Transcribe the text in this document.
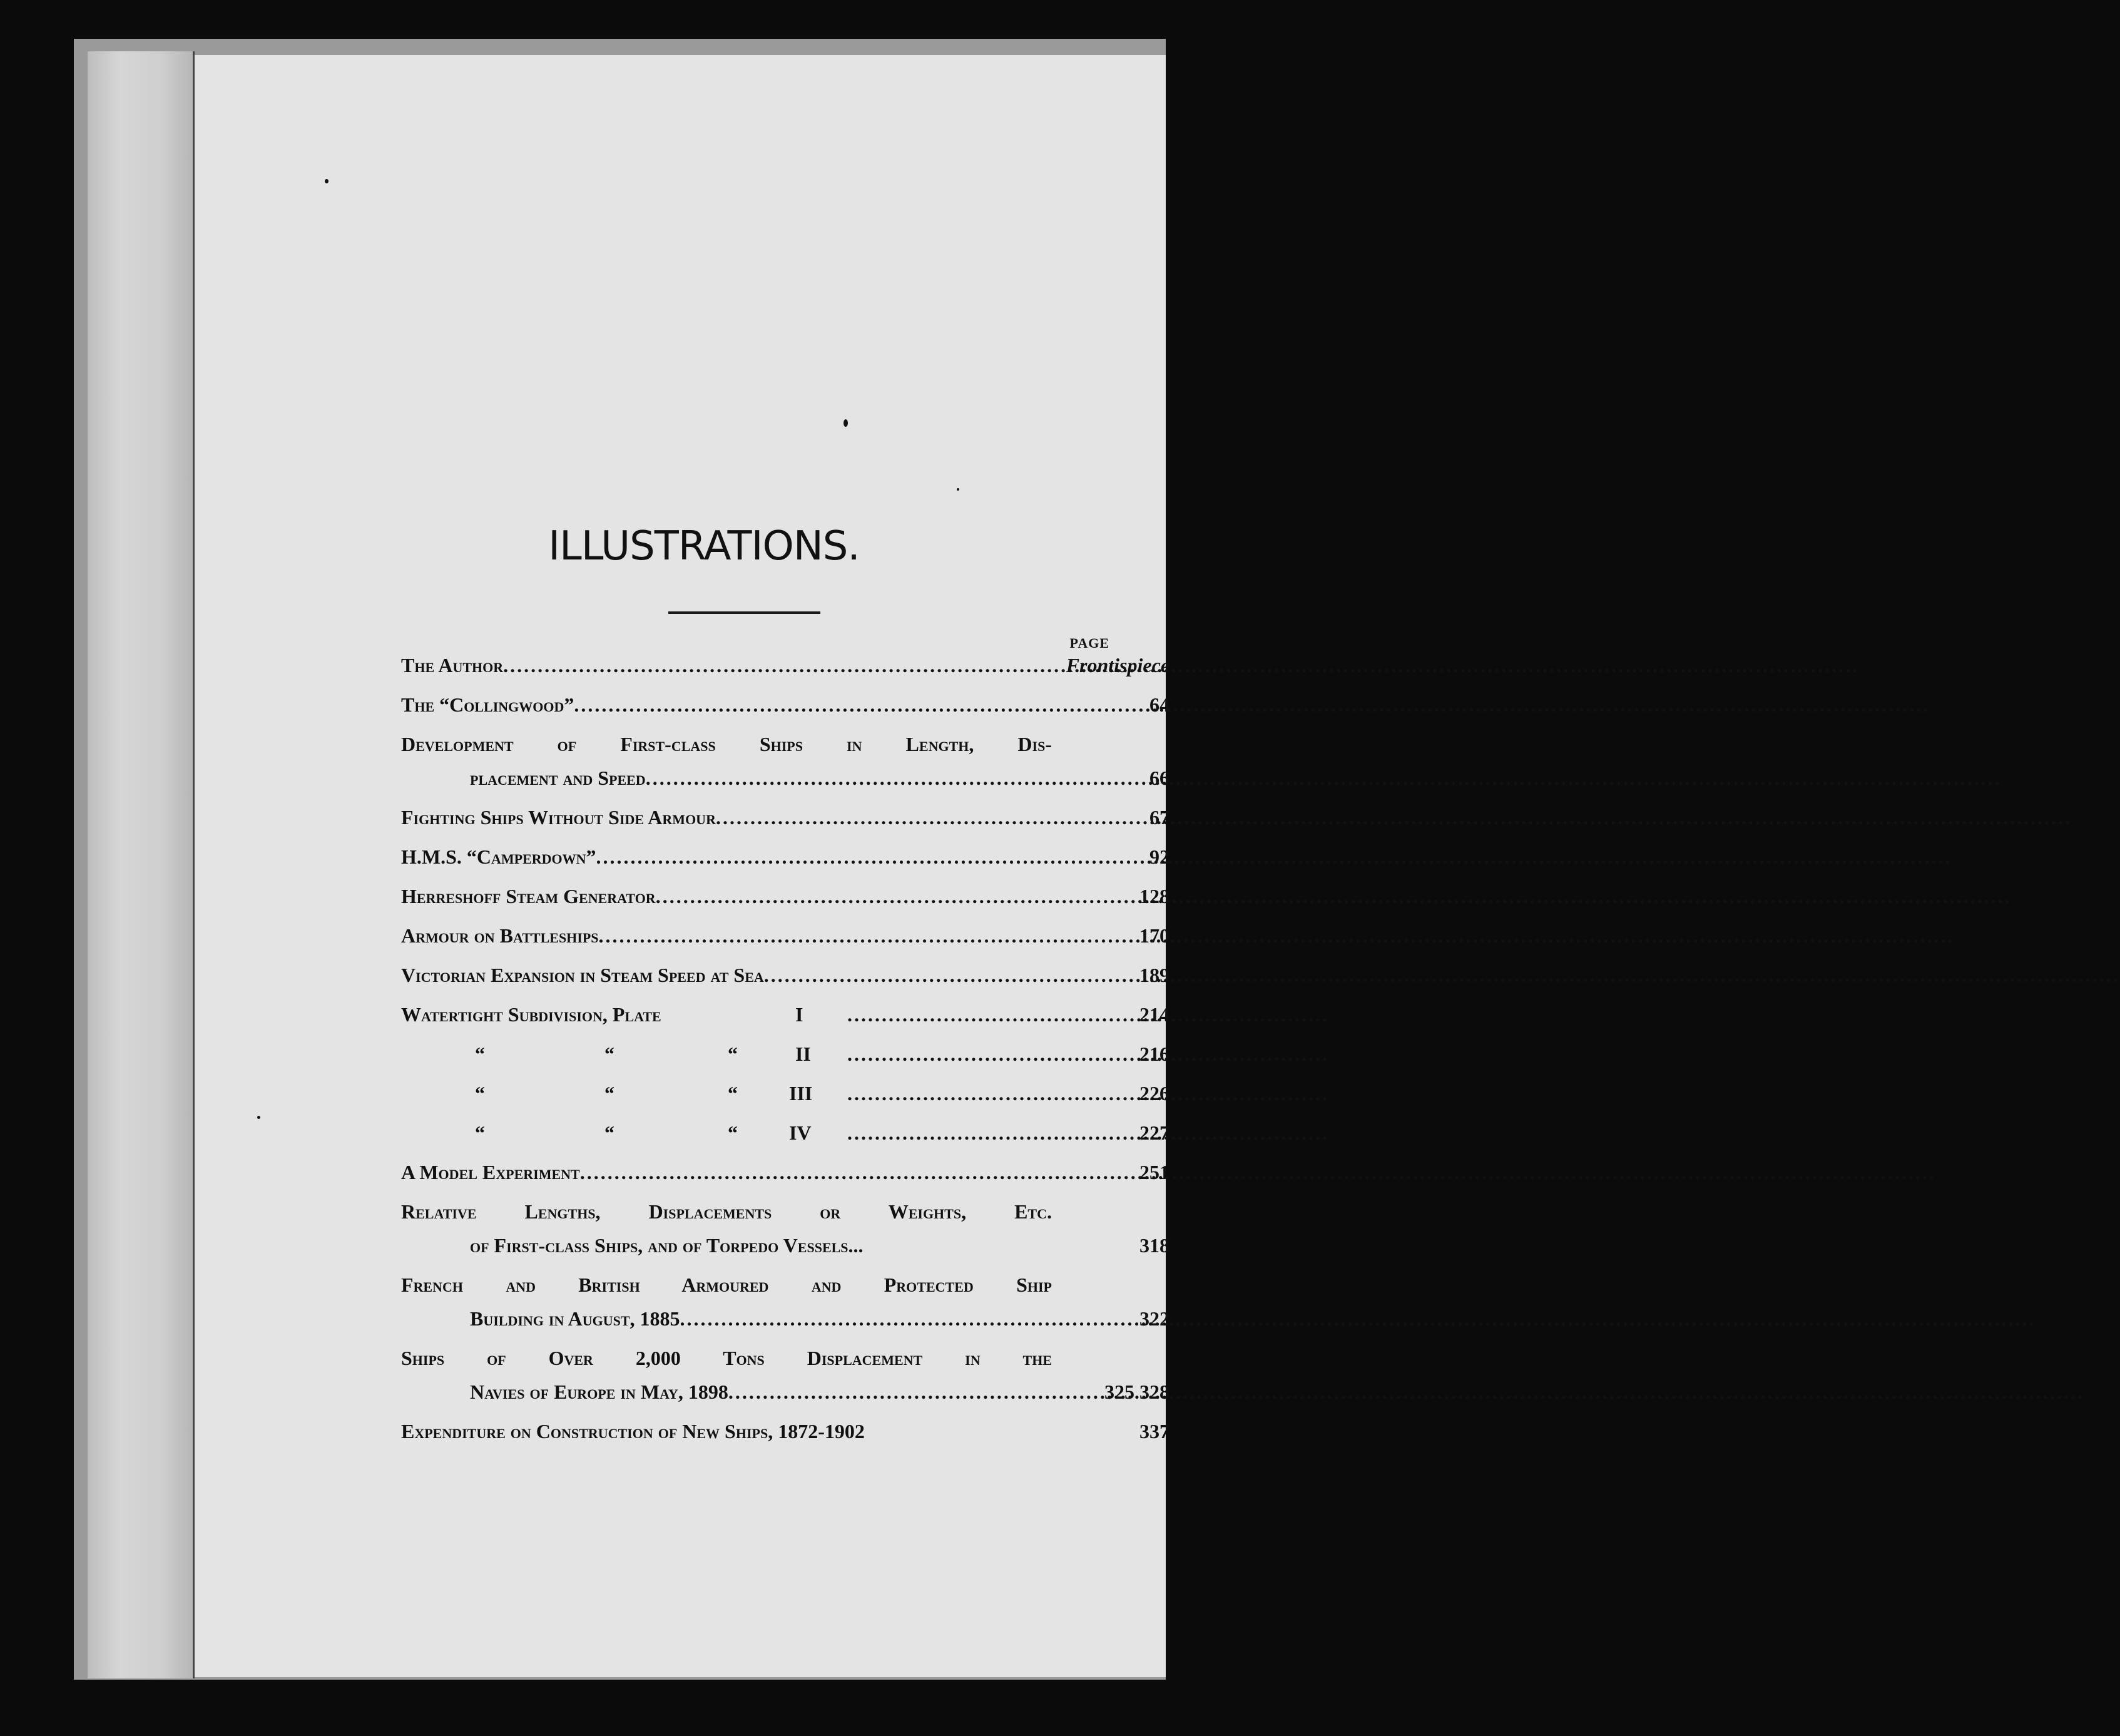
ILLUSTRATIONS.
PAGE
The Author .....	Frontispiece
The “Collingwood” .....	64
Development of First-class Ships in Length, Dis-
placement and Speed .....	66
Fighting Ships Without Side Armour .....	67
H.M.S. “Camperdown” .....	92
Herreshoff Steam Generator .....	128
Armour on Battleships .....	170
Victorian Expansion in Steam Speed at Sea .....	189
Watertight Subdivision, Plate	I .....	214
“	“	“	II .....	216
“	“	“	III .....	226
“	“	“	IV .....	227
A Model Experiment .....	251
Relative Lengths, Displacements or Weights, Etc.
of First-class Ships, and of Torpedo Vessels...	318
French and British Armoured and Protected Ship
Building in August, 1885 .....	322
Ships of Over 2,000 Tons Displacement in the
Navies of Europe in May, 1898 .....	325 328
Expenditure on Construction of New Ships, 1872-1902	337
